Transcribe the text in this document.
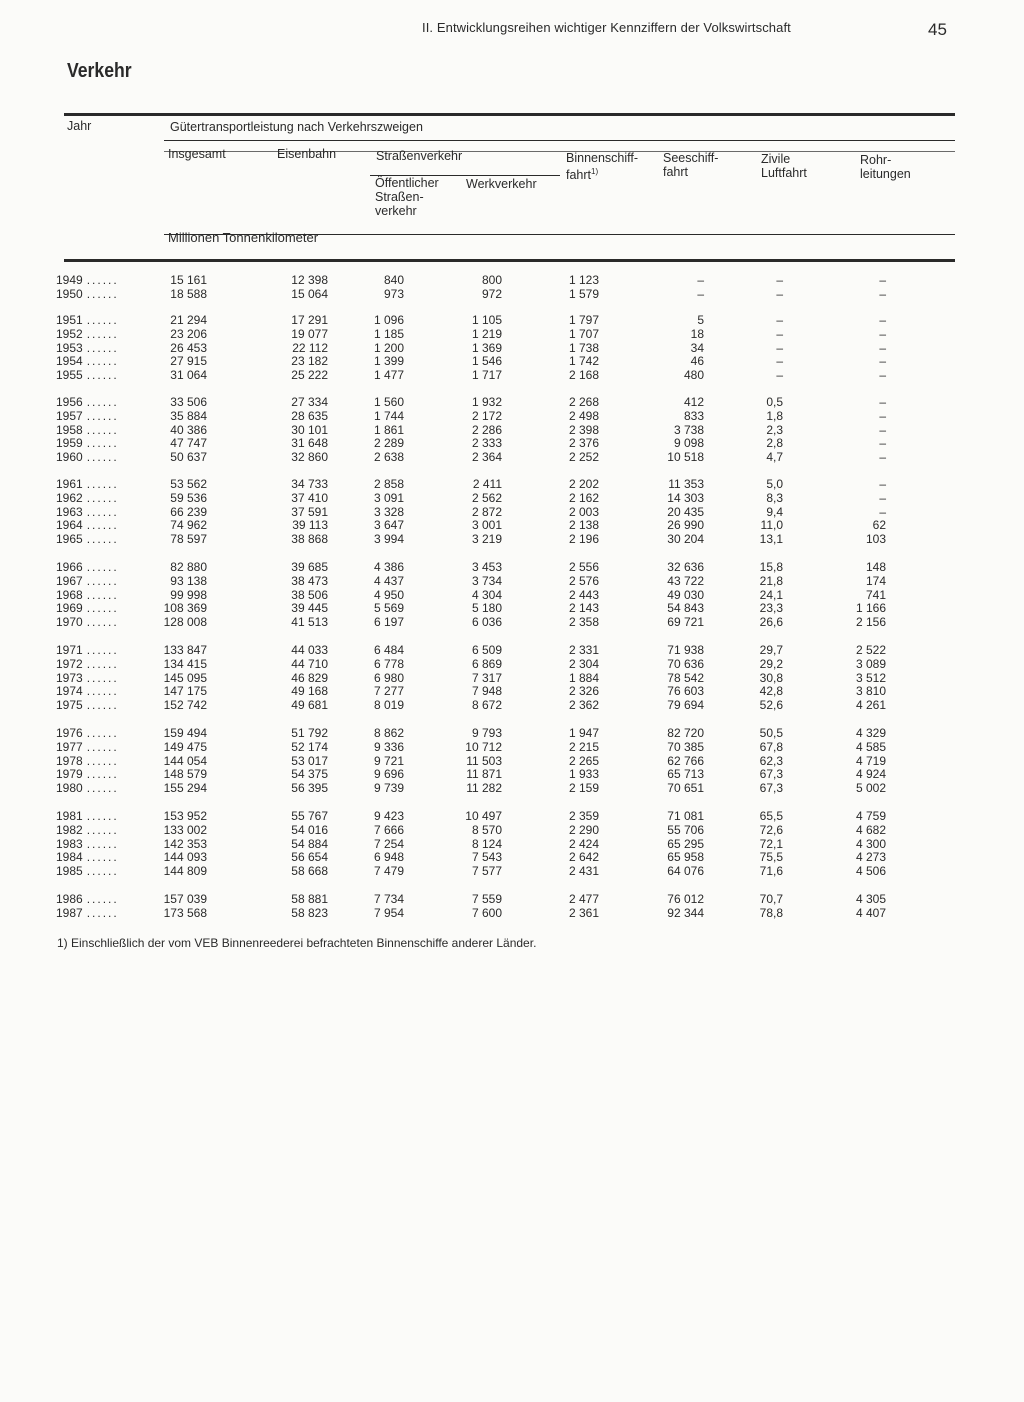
II. Entwicklungsreihen wichtiger Kennziffern der Volkswirtschaft	45
Verkehr
Jahr	Gütertransportleistung nach Verkehrszweigen
Insgesamt	Eisenbahn	Straßenverkehr
Öffentlicher Straßen- verkehr
Werkverkehr
Binnenschiff- fahrt$^{1)}$
Seeschiff- fahrt
Zivile Luftfahrt
Rohr- leitungen
Millionen Tonnenkilometer
1949 ......	15 161	12 398	840	800	1 123	–	–	–
1950 ......	18 588	15 064	973	972	1 579	–	–	–
1951 ......	21 294	17 291	1 096	1 105	1 797	5	–	–
1952 ......	23 206	19 077	1 185	1 219	1 707	18	–	–
1953 ......	26 453	22 112	1 200	1 369	1 738	34	–	–
1954 ......	27 915	23 182	1 399	1 546	1 742	46	–	–
1955 ......	31 064	25 222	1 477	1 717	2 168	480	–	–
1956 ......	33 506	27 334	1 560	1 932	2 268	412	0,5	–
1957 ......	35 884	28 635	1 744	2 172	2 498	833	1,8	–
1958 ......	40 386	30 101	1 861	2 286	2 398	3 738	2,3	–
1959 ......	47 747	31 648	2 289	2 333	2 376	9 098	2,8	–
1960 ......	50 637	32 860	2 638	2 364	2 252	10 518	4,7	–
1961 ......	53 562	34 733	2 858	2 411	2 202	11 353	5,0	–
1962 ......	59 536	37 410	3 091	2 562	2 162	14 303	8,3	–
1963 ......	66 239	37 591	3 328	2 872	2 003	20 435	9,4	–
1964 ......	74 962	39 113	3 647	3 001	2 138	26 990	11,0	62
1965 ......	78 597	38 868	3 994	3 219	2 196	30 204	13,1	103
1966 ......	82 880	39 685	4 386	3 453	2 556	32 636	15,8	148
1967 ......	93 138	38 473	4 437	3 734	2 576	43 722	21,8	174
1968 ......	99 998	38 506	4 950	4 304	2 443	49 030	24,1	741
1969 ......	108 369	39 445	5 569	5 180	2 143	54 843	23,3	1 166
1970 ......	128 008	41 513	6 197	6 036	2 358	69 721	26,6	2 156
1971 ......	133 847	44 033	6 484	6 509	2 331	71 938	29,7	2 522
1972 ......	134 415	44 710	6 778	6 869	2 304	70 636	29,2	3 089
1973 ......	145 095	46 829	6 980	7 317	1 884	78 542	30,8	3 512
1974 ......	147 175	49 168	7 277	7 948	2 326	76 603	42,8	3 810
1975 ......	152 742	49 681	8 019	8 672	2 362	79 694	52,6	4 261
1976 ......	159 494	51 792	8 862	9 793	1 947	82 720	50,5	4 329
1977 ......	149 475	52 174	9 336	10 712	2 215	70 385	67,8	4 585
1978 ......	144 054	53 017	9 721	11 503	2 265	62 766	62,3	4 719
1979 ......	148 579	54 375	9 696	11 871	1 933	65 713	67,3	4 924
1980 ......	155 294	56 395	9 739	11 282	2 159	70 651	67,3	5 002
1981 ......	153 952	55 767	9 423	10 497	2 359	71 081	65,5	4 759
1982 ......	133 002	54 016	7 666	8 570	2 290	55 706	72,6	4 682
1983 ......	142 353	54 884	7 254	8 124	2 424	65 295	72,1	4 300
1984 ......	144 093	56 654	6 948	7 543	2 642	65 958	75,5	4 273
1985 ......	144 809	58 668	7 479	7 577	2 431	64 076	71,6	4 506
1986 ......	157 039	58 881	7 734	7 559	2 477	76 012	70,7	4 305
1987 ......	173 568	58 823	7 954	7 600	2 361	92 344	78,8	4 407
1) Einschließlich der vom VEB Binnenreederei befrachteten Binnenschiffe anderer Länder.
